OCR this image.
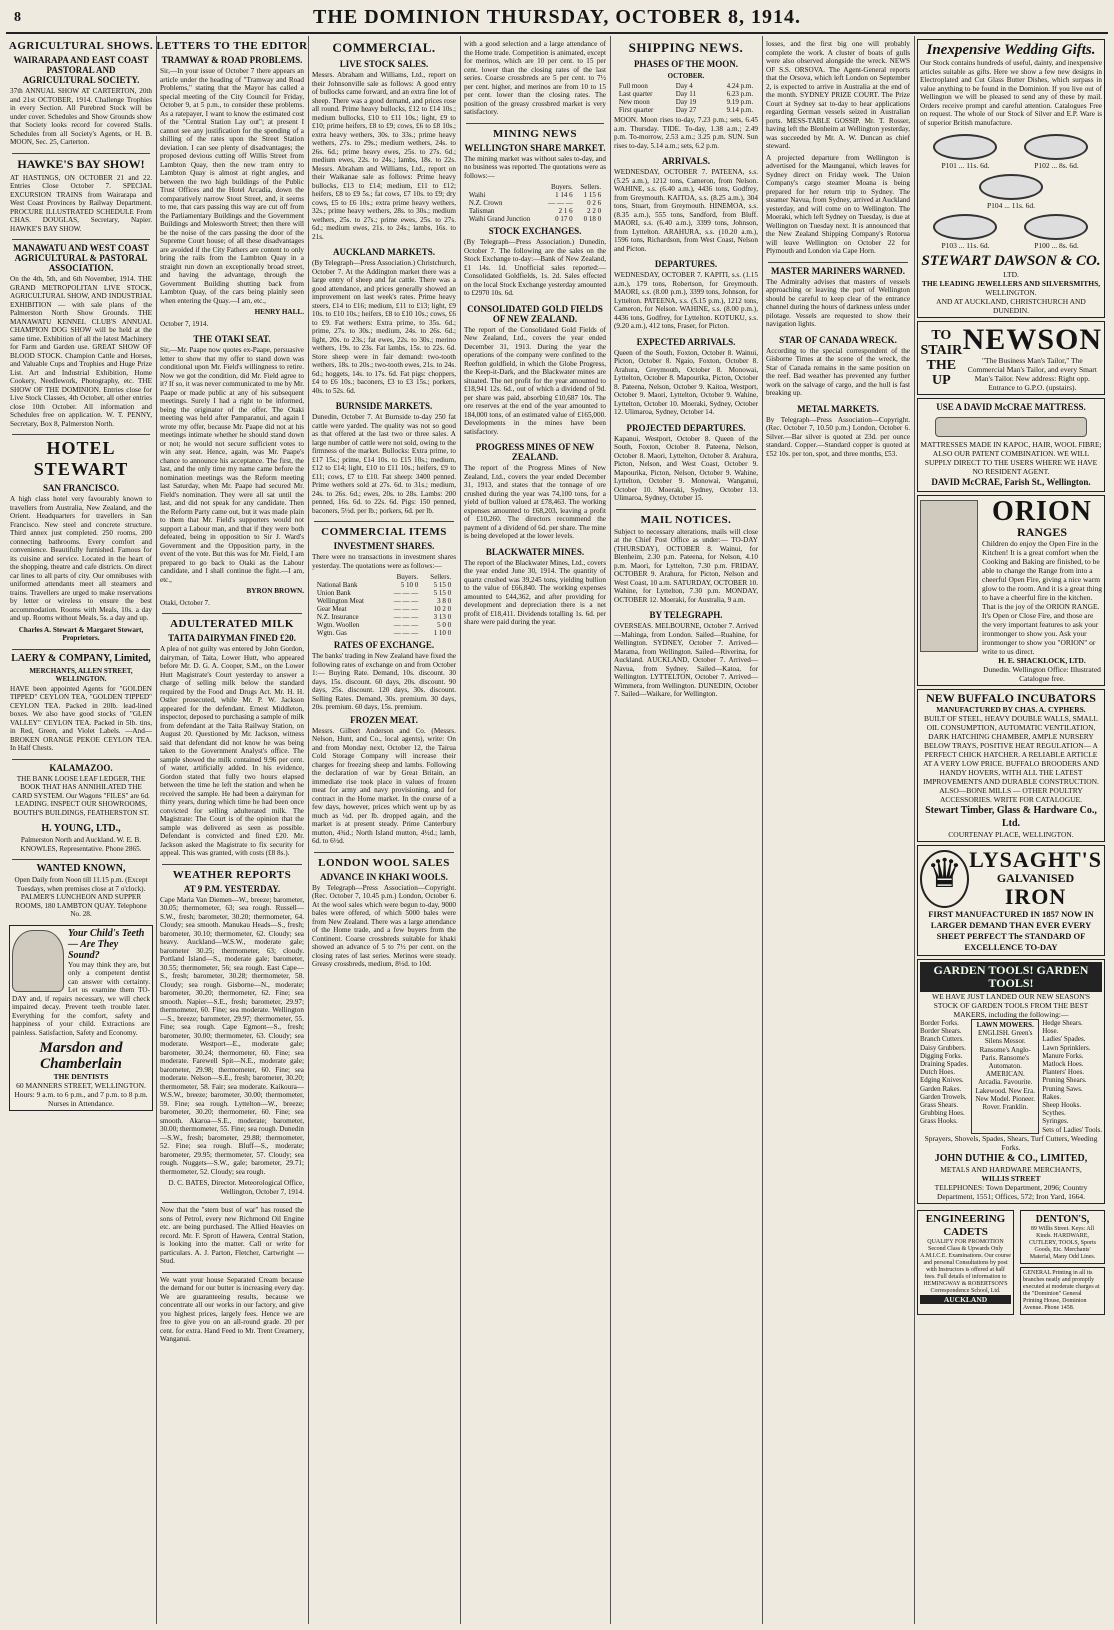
8	THE DOMINION THURSDAY, OCTOBER 8, 1914.
AGRICULTURAL SHOWS.
WAIRARAPA AND EAST COAST PASTORAL AND AGRICULTURAL SOCIETY.

37th ANNUAL SHOW AT CARTERTON, 20th and 21st OCTOBER, 1914. Challenge Trophies in every Section. All Purebred Stock will be under cover. Schedules and Show Grounds show that Society looks record for covered Stalls. Schedules from all Society's Agents, or H. B. MOON, Sec. 25, Carterton.

HAWKE'S BAY SHOW!

AT HASTINGS, ON OCTOBER 21 and 22. Entries Close October 7. SPECIAL EXCURSION TRAINS from Wairarapa and West Coast Provinces by Railway Department. PROCURE ILLUSTRATED SCHEDULE From CHAS. DOUGLAS, Secretary, Napier. HAWKE'S BAY SHOW.

MANAWATU AND WEST COAST AGRICULTURAL & PASTORAL ASSOCIATION.

On the 4th, 5th, and 6th November, 1914. THE GRAND METROPOLITAN LIVE STOCK, AGRICULTURAL SHOW, AND INDUSTRIAL EXHIBITION — with sale plans of the Palmerston North Show Grounds. THE MANAWATU KENNEL CLUB'S ANNUAL CHAMPION DOG SHOW will be held at the same time. Exhibition of all the latest Machinery for Farm and Garden use. GREAT SHOW OF BLOOD STOCK. Champion Cattle and Horses, and Valuable Cups and Trophies and Huge Prize List. Art and Industrial Exhibition, Home Cookery, Needlework, Photography, etc. THE SHOW OF THE DOMINION. Entries close for Live Stock Classes, 4th October, all other entries close 10th October. All information and Schedules free on application. W. T. PENNY, Secretary, Box 8, Palmerston North.

HOTEL STEWART
SAN FRANCISCO.

A high class hotel very favourably known to travellers from Australia, New Zealand, and the Orient. Headquarters for travellers in San Francisco. New steel and concrete structure. Third annex just completed. 250 rooms, 200 connecting bathrooms. Every comfort and convenience. Beautifully furnished. Famous for its cuisine and service. Located in the heart of the shopping, theatre and cafe districts. On direct car lines to all parts of city. Our omnibuses with uniformed attendants meet all steamers and trains. Travellers are urged to make reservations by letter or wireless to ensure the best accommodation. Rooms with Meals, 10s. a day and up. Rooms without Meals, 5s. a day and up.

Charles A. Stewart & Margaret Stewart, Proprietors.

LAERY & COMPANY, Limited,
MERCHANTS, ALLEN STREET, WELLINGTON.

HAVE been appointed Agents for "GOLDEN TIPPED" CEYLON TEA, "GOLDEN TIPPED" CEYLON TEA. Packed in 20lb. lead-lined boxes. We also have good stocks of "GLEN VALLEY" CEYLON TEA. Packed in 5lb. tins, in Red, Green, and Violet Labels. —And— BROKEN ORANGE PEKOE CEYLON TEA. In Half Chests.

KALAMAZOO.

THE BANK LOOSE LEAF LEDGER, THE BOOK THAT HAS ANNIHILATED THE CARD SYSTEM. Our Wagons "FILES" are 6d. LEADING. INSPECT OUR SHOWROOMS, BOUTH'S BUILDINGS, FEATHERSTON ST.

H. YOUNG, LTD.,

Palmerston North and Auckland. W. E. B. KNOWLES, Representative. Phone 2865.

WANTED KNOWN,

Open Daily from Noon till 11.15 p.m. (Except Tuesdays, when premises close at 7 o'clock). PALMER'S LUNCHEON AND SUPPER ROOMS, 180 LAMBTON QUAY. Telephone No. 28.

Your Child's Teeth — Are They Sound?

You may think they are, but only a competent dentist can answer with certainty. Let us examine them TO-DAY and, if repairs necessary, we will check impaired decay. Prevent teeth trouble later. Everything for the comfort, safety and happiness of your child. Extractions are painless. Satisfaction, Safety and Economy.

Marsdon and Chamberlain
THE DENTISTS
60 MANNERS STREET, WELLINGTON. Hours: 9 a.m. to 6 p.m., and 7 p.m. to 8 p.m. Nurses in Attendance.
LETTERS TO THE EDITOR
TRAMWAY & ROAD PROBLEMS.

Sir,—In your issue of October 7 there appears an article under the heading of "Tramway and Road Problems," stating that the Mayor has called a special meeting of the City Council for Friday, October 9, at 5 p.m., to consider these problems. As a ratepayer, I want to know the estimated cost of the "Central Station Lay out"; at present I cannot see any justification for the spending of a shilling of the rates upon the Street Station deviation. I can see plenty of disadvantages; the proposed devious cutting off Willis Street from Lambton Quay, then the new tram entry to Lambton Quay is almost at right angles, and between the two high buildings of the Public Trust Offices and the Hotel Arcadia, down the comparatively narrow Stout Street, and, it seems to me, that cars passing this way are cut off from the Parliamentary Buildings and the Government Buildings and Molesworth Street; then there will be the noise of the cars passing the door of the Supreme Court house; of all these disadvantages are avoided if the City Fathers are content to only bring the rails from the Lambton Quay in a straight run down an exceptionally broad street, and having the advantage, through the Government Building shutting back from Lambton Quay, of the cars being plainly seen when entering the Quay.—I am, etc.,

HENRY HALL.

October 7, 1914.

THE OTAKI SEAT.

Sir,—Mr. Paape now quotes ex-Paape, persuasive letter to show that my offer to stand down was conditional upon Mr. Field's willingness to retire. Now we got the condition, did Mr. Field agree to it? If so, it was never communicated to me by Mr. Paape or made public at any of his subsequent meetings. Surely I had a right to be informed, being the originator of the offer. The Otaki meeting was held after Pamparanui, and again I wrote my offer, because Mr. Paape did not at his meetings intimate whether he should stand down or not; he would not secure sufficient votes to win any seat. Hence, again, was Mr. Paape's chance to announce his acceptance. The first, the last, and the only time my name came before the nomination meetings was the Reform meeting last Saturday, when Mr. Paape had secured Mr. Field's nomination. They were all sat until the last, and did not speak for any candidate. Then the Reform Party came out, but it was made plain to them that Mr. Field's supporters would not support a Labour man, and that if they were both defeated, being in opposition to Sir J. Ward's Government and the Opposition party, in the event of the vote. But this was for Mr. Field, I am prepared to go back to Otaki as the Labour candidate, and I shall continue the fight.—I am, etc.,

BYRON BROWN.

Otaki, October 7.

ADULTERATED MILK
TAITA DAIRYMAN FINED £20.

A plea of not guilty was entered by John Gordon, dairyman, of Taita, Lower Hutt, who appeared before Mr. D. G. A. Cooper, S.M., on the Lower Hutt Magistrate's Court yesterday to answer a charge of selling milk below the standard required by the Food and Drugs Act. Mr. H. H. Ostler prosecuted, while Mr. P. W. Jackson appeared for the defendant. Ernest Middleton, inspector, deposed to purchasing a sample of milk from defendant at the Taita Railway Station, on August 20. Questioned by Mr. Jackson, witness said that defendant did not know he was being taken to the Government Analyst's office. The sample showed the milk contained 9.96 per cent. of water, artificially added. In his evidence, Gordon stated that fully two hours elapsed between the time he left the station and when he received the sample. He had been a dairyman for thirty years, during which time he had been once convicted for selling adulterated milk. The Magistrate: The Court is of the opinion that the sample was delivered as seen as possible. Defendant is convicted and fined £20. Mr. Jackson asked the Magistrate to fix security for appeal. This was granted, with costs (£8 8s.).

WEATHER REPORTS
AT 9 P.M. YESTERDAY.

Cape Maria Van Diemen—W., breeze; barometer, 30.05; thermometer, 63; sea rough. Russell—S.W., fresh; barometer, 30.20; thermometer, 64. Cloudy; sea smooth. Manukau Heads—S., fresh; barometer, 30.10; thermometer, 62. Cloudy; sea heavy. Auckland—W.S.W., moderate gale; barometer 30.25; thermometer, 63; cloudy. Portland Island—S., moderate gale; barometer, 30.55; thermometer, 56; sea rough. East Cape—S., fresh; barometer, 30.28; thermometer, 58. Cloudy; sea rough. Gisborne—N., moderate; barometer, 30.20; thermometer, 62. Fine; sea smooth. Napier—S.E., fresh; barometer, 29.97; thermometer, 60. Fine; sea moderate. Wellington—S., breeze; barometer, 29.97; thermometer, 55. Fine; sea rough. Cape Egmont—S., fresh; barometer, 30.00; thermometer, 63. Cloudy; sea moderate. Westport—E., moderate gale; barometer, 30.24; thermometer, 60. Fine; sea moderate. Farewell Spit—N.E., moderate gale; barometer, 29.98; thermometer, 60. Fine; sea moderate. Nelson—S.E., fresh; barometer, 30.20; thermometer, 58. Fair; sea moderate. Kaikoura—W.S.W., breeze; barometer, 30.00; thermometer, 59. Fine; sea rough. Lyttelton—W., breeze; barometer, 30.20; thermometer, 60. Fine; sea smooth. Akaroa—S.E., moderate; barometer, 30.00; thermometer, 55. Fine; sea rough. Dunedin—S.W., fresh; barometer, 29.88; thermometer, 52. Fine; sea rough. Bluff—S., moderate; barometer, 29.95; thermometer, 57. Cloudy; sea rough. Nuggets—S.W., gale; barometer, 29.71; thermometer, 52. Cloudy; sea rough.

D. C. BATES, Director. Meteorological Office, Wellington, October 7, 1914.

Now that the "stern bust of war" has roused the sons of Petrol, every new Richmond Oil Engine etc. are being purchased. The Allied Heavies on record. Mr. F. Sprott of Hawera, Central Station, is looking into the matter. Call or write for particulars. A. J. Parton, Fletcher, Cartwright — Stud.

We want your house Separated Cream because the demand for our butter is increasing every day. We are guaranteeing results, because we concentrate all our works in our factory, and give you highest prices, largely fees. Hence we are free to give you on an all-round grade. 20 per cent. for extra. Hand Feed to Mr. Trent Creamery, Wanganui.

COMMERCIAL.
LIVE STOCK SALES.

Messrs. Abraham and Williams, Ltd., report on their Johnsonville sale as follows: A good entry of bullocks came forward, and an extra fine lot of sheep. There was a good demand, and prices rose all round. Prime heavy bullocks, £12 to £14 10s.; medium bullocks, £10 to £11 10s.; light, £9 to £10; prime heifers, £8 to £9; cows, £6 to £8 10s.; extra heavy wethers, 30s. to 33s.; prime heavy wethers, 27s. to 29s.; medium wethers, 24s. to 26s. 6d.; prime heavy ewes, 25s. to 27s. 6d.; medium ewes, 22s. to 24s.; lambs, 18s. to 22s. Messrs. Abraham and Williams, Ltd., report on their Waikanae sale as follows: Prime heavy bullocks, £13 to £14; medium, £11 to £12; heifers, £8 to £9 5s.; fat cows, £7 10s. to £9; dry cows, £5 to £6 10s.; extra prime heavy wethers, 32s.; prime heavy wethers, 28s. to 30s.; medium wethers, 25s. to 27s.; prime ewes, 25s. to 27s. 6d.; medium ewes, 21s. to 24s.; lambs, 16s. to 21s.

AUCKLAND MARKETS.

(By Telegraph—Press Association.) Christchurch, October 7. At the Addington market there was a large entry of sheep and fat cattle. There was a good attendance, and prices generally showed an improvement on last week's rates. Prime heavy steers, £14 to £16; medium, £11 to £13; light, £9 10s. to £10 10s.; heifers, £8 to £10 10s.; cows, £6 to £9. Fat wethers: Extra prime, to 35s. 6d.; prime, 27s. to 30s.; medium, 24s. to 26s. 6d.; light, 20s. to 23s.; fat ewes, 22s. to 30s.; merino wethers, 19s. to 23s. Fat lambs, 15s. to 22s. 6d. Store sheep were in fair demand: two-tooth wethers, 18s. to 20s.; two-tooth ewes, 21s. to 24s. 6d.; hoggets, 14s. to 17s. 6d. Fat pigs: choppers, £4 to £6 10s.; baconers, £3 to £3 15s.; porkers, 40s. to 52s. 6d.

BURNSIDE MARKETS.

Dunedin, October 7. At Burnside to-day 250 fat cattle were yarded. The quality was not so good as that offered at the last two or three sales. A large number of cattle were not sold, owing to the firmness of the market. Bullocks: Extra prime, to £17 15s.; prime, £14 10s. to £15 10s.; medium, £12 to £14; light, £10 to £11 10s.; heifers, £9 to £11; cows, £7 to £10. Fat sheep: 3400 penned. Prime wethers sold at 27s. 6d. to 31s.; medium, 24s. to 26s. 6d.; ewes, 20s. to 28s. Lambs: 200 penned, 16s. 6d. to 22s. 6d. Pigs: 150 penned, baconers, 5½d. per lb.; porkers, 6d. per lb.

COMMERCIAL ITEMS
INVESTMENT SHARES.

There were no transactions in investment shares yesterday. The quotations were as follows:—

	Buyers.	Sellers.
National Bank	5 10 0	5 15 0
Union Bank	— — —	5 15 0
Wellington Meat	— — —	3 8 0
Gear Meat	— — —	10 2 0
N.Z. Insurance	— — —	3 13 0
Wgtn. Woollen	— — —	5 0 0
Wgtn. Gas	— — —	1 10 0
RATES OF EXCHANGE.

The banks' trading in New Zealand have fixed the following rates of exchange on and from October 1:— Buying Rate. Demand, 10s. discount. 30 days, 15s. discount. 60 days, 20s. discount. 90 days, 25s. discount. 120 days, 30s. discount. Selling Rates. Demand, 30s. premium. 30 days, 20s. premium. 60 days, 15s. premium.

FROZEN MEAT.

Messrs. Gilbert Anderson and Co. (Messrs. Nelson, Hunt, and Co., local agents), write: On and from Monday next, October 12, the Tairua Cold Storage Company will increase their charges for freezing sheep and lambs. Following the declaration of war by Great Britain, an immediate rise took place in values of frozen meat for army and navy provisioning, and for contract in the Home market. In the course of a few days, however, prices which went up by as much as ¼d. per lb. dropped again, and the market is at present steady. Prime Canterbury mutton, 4¾d.; North Island mutton, 4½d.; lamb, 6d. to 6½d.

LONDON WOOL SALES
ADVANCE IN KHAKI WOOLS.

By Telegraph—Press Association—Copyright. (Rec. October 7, 10.45 p.m.) London, October 6. At the wool sales which were begun to-day, 9000 bales were offered, of which 5000 bales were from New Zealand. There was a large attendance of the Home trade, and a few buyers from the Continent. Coarse crossbreds suitable for khaki showed an advance of 5 to 7½ per cent. on the closing rates of last series. Merinos were steady. Greasy crossbreds, medium, 8½d. to 10d.

with a good selection and a large attendance of the Home trade. Competition is animated, except for merinos, which are 10 per cent. to 15 per cent. lower than the closing rates of the last series. Coarse crossbreds are 5 per cent. to 7½ per cent. higher, and merinos are from 10 to 15 per cent. lower than the closing rates. The position of the greasy crossbred market is very satisfactory.

MINING NEWS
WELLINGTON SHARE MARKET.

The mining market was without sales to-day, and no business was reported. The quotations were as follows:—

	Buyers.	Sellers.
Waihi	1 14 6	1 15 6
N.Z. Crown	— — —	0 2 6
Talisman	2 1 6	2 2 0
Waihi Grand Junction	0 17 0	0 18 0
STOCK EXCHANGES.

(By Telegraph—Press Association.) Dunedin, October 7. The following are the sales on the Stock Exchange to-day:—Bank of New Zealand, £1 14s. 1d. Unofficial sales reported:—Consolidated Goldfields, 1s. 2d. Sales effected on the local Stock Exchange yesterday amounted to £2970 10s. 6d.

CONSOLIDATED GOLD FIELDS OF NEW ZEALAND.

The report of the Consolidated Gold Fields of New Zealand, Ltd., covers the year ended December 31, 1913. During the year the operations of the company were confined to the Reefton goldfield, in which the Globe Progress, the Keep-it-Dark, and the Blackwater mines are situated. The net profit for the year amounted to £18,941 12s. 6d., out of which a dividend of 9d. per share was paid, absorbing £10,687 10s. The ore reserves at the end of the year amounted to 184,000 tons, of an estimated value of £165,000. Developments in the mines have been satisfactory.

PROGRESS MINES OF NEW ZEALAND.

The report of the Progress Mines of New Zealand, Ltd., covers the year ended December 31, 1913, and states that the tonnage of ore crushed during the year was 74,100 tons, for a yield of bullion valued at £78,463. The working expenses amounted to £68,203, leaving a profit of £10,260. The directors recommend the payment of a dividend of 6d. per share. The mine is being developed at the lower levels.

BLACKWATER MINES.

The report of the Blackwater Mines, Ltd., covers the year ended June 30, 1914. The quantity of quartz crushed was 39,245 tons, yielding bullion to the value of £66,840. The working expenses amounted to £44,362, and after providing for development and depreciation there is a net profit of £18,411. Dividends totalling 1s. 6d. per share were paid during the year.

SHIPPING NEWS.
PHASES OF THE MOON.
OCTOBER.
Full moon	Day 4	4.24 p.m.
Last quarter	Day 11	6.23 p.m.
New moon	Day 19	9.19 p.m.
First quarter	Day 27	9.14 p.m.

MOON. Moon rises to-day, 7.23 p.m.; sets, 6.45 a.m. Thursday. TIDE. To-day, 1.38 a.m.; 2.49 p.m. To-morrow, 2.53 a.m.; 3.25 p.m. SUN. Sun rises to-day, 5.14 a.m.; sets, 6.2 p.m.

ARRIVALS.

WEDNESDAY, OCTOBER 7. PATEENA, s.s. (5.25 a.m.), 1212 tons, Cameron, from Nelson. WAHINE, s.s. (6.40 a.m.), 4436 tons, Godfrey, from Greymouth. KAITOA, s.s. (8.25 a.m.), 304 tons, Stuart, from Greymouth. HINEMOA, s.s. (8.35 a.m.), 555 tons, Sandford, from Bluff. MAORI, s.s. (6.40 a.m.), 3399 tons, Johnson, from Lyttelton. ARAHURA, s.s. (10.20 a.m.), 1596 tons, Richardson, from West Coast, Nelson and Picton.

DEPARTURES.

WEDNESDAY, OCTOBER 7. KAPITI, s.s. (1.15 a.m.), 179 tons, Robertson, for Greymouth. MAORI, s.s. (8.00 p.m.), 3399 tons, Johnson, for Lyttelton. PATEENA, s.s. (5.15 p.m.), 1212 tons, Cameron, for Nelson. WAHINE, s.s. (8.00 p.m.), 4436 tons, Godfrey, for Lyttelton. KOTUKU, s.s. (9.20 a.m.), 412 tons, Fraser, for Picton.

EXPECTED ARRIVALS.

Queen of the South, Foxton, October 8. Wainui, Picton, October 8. Ngaio, Foxton, October 8. Arahura, Greymouth, October 8. Monowai, Lyttelton, October 8. Mapourika, Picton, October 8. Pateena, Nelson, October 9. Kaitoa, Westport, October 9. Maori, Lyttelton, October 9. Wahine, Lyttelton, October 10. Moeraki, Sydney, October 12. Ulimaroa, Sydney, October 14.

PROJECTED DEPARTURES.

Kapanui, Westport, October 8. Queen of the South, Foxton, October 8. Pateena, Nelson, October 8. Maori, Lyttelton, October 8. Arahura, Picton, Nelson, and West Coast, October 9. Mapourika, Picton, Nelson, October 9. Wahine, Lyttelton, October 9. Monowai, Wanganui, October 10. Moeraki, Sydney, October 13. Ulimaroa, Sydney, October 15.

MAIL NOTICES.

Subject to necessary alterations, mails will close at the Chief Post Office as under:— TO-DAY (THURSDAY), OCTOBER 8. Wainui, for Blenheim, 2.30 p.m. Pateena, for Nelson, 4.10 p.m. Maori, for Lyttelton, 7.30 p.m. FRIDAY, OCTOBER 9. Arahura, for Picton, Nelson and West Coast, 10 a.m. SATURDAY, OCTOBER 10. Wahine, for Lyttelton, 7.30 p.m. MONDAY, OCTOBER 12. Moeraki, for Australia, 9 a.m.

BY TELEGRAPH.

OVERSEAS. MELBOURNE, October 7. Arrived—Mahinga, from London. Sailed—Ruahine, for Wellington. SYDNEY, October 7. Arrived—Marama, from Wellington. Sailed—Riverina, for Auckland. AUCKLAND, October 7. Arrived—Navua, from Sydney. Sailed—Katoa, for Wellington. LYTTELTON, October 7. Arrived—Wimmera, from Wellington. DUNEDIN, October 7. Sailed—Waikare, for Wellington.

losses, and the first big one will probably complete the work. A cluster of boats of gulls were also observed alongside the wreck. NEWS OF S.S. ORSOVA. The Agent-General reports that the Orsova, which left London on September 2, is expected to arrive in Australia at the end of the month. SYDNEY PRIZE COURT. The Prize Court at Sydney sat to-day to hear applications regarding German vessels seized in Australian ports. MESS-TABLE GOSSIP. Mr. T. Rosser, having left the Blenheim at Wellington yesterday, was succeeded by Mr. A. W. Duncan as chief steward.

A projected departure from Wellington is advertised for the Maunganui, which leaves for Sydney direct on Friday week. The Union Company's cargo steamer Moana is being prepared for her return trip to Sydney. The steamer Navua, from Sydney, arrived at Auckland yesterday, and will come on to Wellington. The Moeraki, which left Sydney on Tuesday, is due at Wellington on Tuesday next. It is announced that the New Zealand Shipping Company's Rotorua will leave Wellington on October 22 for Plymouth and London via Cape Horn.

MASTER MARINERS WARNED.

The Admiralty advises that masters of vessels approaching or leaving the port of Wellington should be careful to keep clear of the entrance channel during the hours of darkness unless under pilotage. Vessels are requested to show their navigation lights.

STAR OF CANADA WRECK.

According to the special correspondent of the Gisborne Times at the scene of the wreck, the Star of Canada remains in the same position on the reef. Bad weather has prevented any further work on the salvage of cargo, and the hull is fast breaking up.

METAL MARKETS.

By Telegraph—Press Association—Copyright. (Rec. October 7, 10.50 p.m.) London, October 6. Silver.—Bar silver is quoted at 23d. per ounce standard. Copper.—Standard copper is quoted at £52 10s. per ton, spot, and three months, £53.

Inexpensive Wedding Gifts.

Our Stock contains hundreds of useful, dainty, and inexpensive articles suitable as gifts. Here we show a few new designs in Electroplated and Cut Glass Butter Dishes, which surpass in value anything to be found in the Dominion. If you live out of Wellington we will be pleased to send any of these by mail. Orders receive prompt and careful attention. Catalogues Free on request. The whole of our Stock of Silver and E.P. Ware is of superior British manufacture.

P101 ... 11s. 6d.	P102 ... 8s. 6d.
P104 ... 11s. 6d.
P103 ... 11s. 6d.	P100 ... 8s. 6d.
STEWART DAWSON & CO.
LTD.
THE LEADING JEWELLERS AND SILVERSMITHS,
WELLINGTON.
AND AT AUCKLAND, CHRISTCHURCH AND DUNEDIN.
TO STAIR THE UP
NEWSON
"The Business Man's Tailor," The Commercial Man's Tailor, and every Smart Man's Tailor. New address: Right opp. Entrance to G.P.O. (upstairs).
USE A DAVID McCRAE MATTRESS.
MATTRESSES MADE IN KAPOC, HAIR, WOOL FIBRE; ALSO OUR PATENT COMBINATION. WE WILL SUPPLY DIRECT TO THE USERS WHERE WE HAVE NO RESIDENT AGENT.
DAVID McCRAE, Farish St., Wellington.
ORION
RANGES
Children do enjoy the Open Fire in the Kitchen! It is a great comfort when the Cooking and Baking are finished, to be able to change the Range from into a cheerful Open Fire, giving a nice warm glow to the room. And it is a great thing to have a cheerful fire in the kitchen. That is the joy of the ORION RANGE. It's Open or Close Fire, and those are the very important features to ask your ironmonger to show you. Ask your ironmonger to show you "ORION" or write to us direct.
H. E. SHACKLOCK, LTD.
Dunedin. Wellington Office: Illustrated Catalogue free.
NEW BUFFALO INCUBATORS
MANUFACTURED BY CHAS. A. CYPHERS.
BUILT OF STEEL, HEAVY DOUBLE WALLS, SMALL OIL CONSUMPTION, AUTOMATIC VENTILATION, DARK HATCHING CHAMBER, AMPLE NURSERY BELOW TRAYS, POSITIVE HEAT REGULATION— A PERFECT CHICK HATCHER. A RELIABLE ARTICLE AT A VERY LOW PRICE. BUFFALO BROODERS AND HANDY HOVERS, WITH ALL THE LATEST IMPROVEMENTS AND DURABLE CONSTRUCTION. ALSO—BONE MILLS — OTHER POULTRY ACCESSORIES. WRITE FOR CATALOGUE.
Stewart Timber, Glass & Hardware Co., Ltd.
COURTENAY PLACE, WELLINGTON.
♛ LYSAGHT'S
GALVANISED
IRON
FIRST MANUFACTURED IN 1857 NOW IN LARGER DEMAND THAN EVER EVERY SHEET PERFECT The STANDARD OF EXCELLENCE TO-DAY
GARDEN TOOLS! GARDEN TOOLS!
WE HAVE JUST LANDED OUR NEW SEASON'S STOCK OF GARDEN TOOLS FROM THE BEST MAKERS, including the following:—
Border Forks.
Border Shears.
Branch Cutters.
Daisy Grubbers.
Digging Forks.
Draining Spades.
Dutch Hoes.
Edging Knives.
Garden Rakes.
Garden Trowels.
Grass Shears.
Grubbing Hoes.
Grass Hooks.
LAWN MOWERS.
ENGLISH. Green's Silens Messor. Ransome's Anglo-Paris. Ransome's Automaton. AMERICAN. Arcadia. Favourite. Lakewood. New Era. New Model. Pioneer. Rover. Franklin.
Hedge Shears.
Hose.
Ladies' Spades.
Lawn Sprinklers.
Manure Forks.
Matlock Hoes.
Planters' Hoes.
Pruning Shears.
Pruning Saws.
Rakes.
Sheep Hooks.
Scythes.
Syringes.
Sets of Ladies' Tools.
Sprayers, Shovels, Spades, Shears, Turf Cutters, Weeding Forks.
JOHN DUTHIE & CO., LIMITED,
METALS AND HARDWARE MERCHANTS,
WILLIS STREET
TELEPHONES: Town Department, 2096; Country Department, 1551; Offices, 572; Iron Yard, 1664.
ENGINEERING CADETS
QUALIFY FOR PROMOTION Second Class & Upwards Only A.M.I.C.E. Examinations. Our course and personal Consultations by post with Instructors is offered at half fees. Full details of information to HEMINGWAY & ROBERTSON'S Correspondence School, Ltd.
AUCKLAND
DENTON'S,
89 Willis Street. Keys: All Kinds. HARDWARE, CUTLERY, TOOLS, Sports Goods, Etc. Merchants' Material, Many Odd Lines.
GENERAL Printing in all its branches neatly and promptly executed at moderate charges at the "Dominion" General Printing House, Dominion Avenue. Phone 1458.
